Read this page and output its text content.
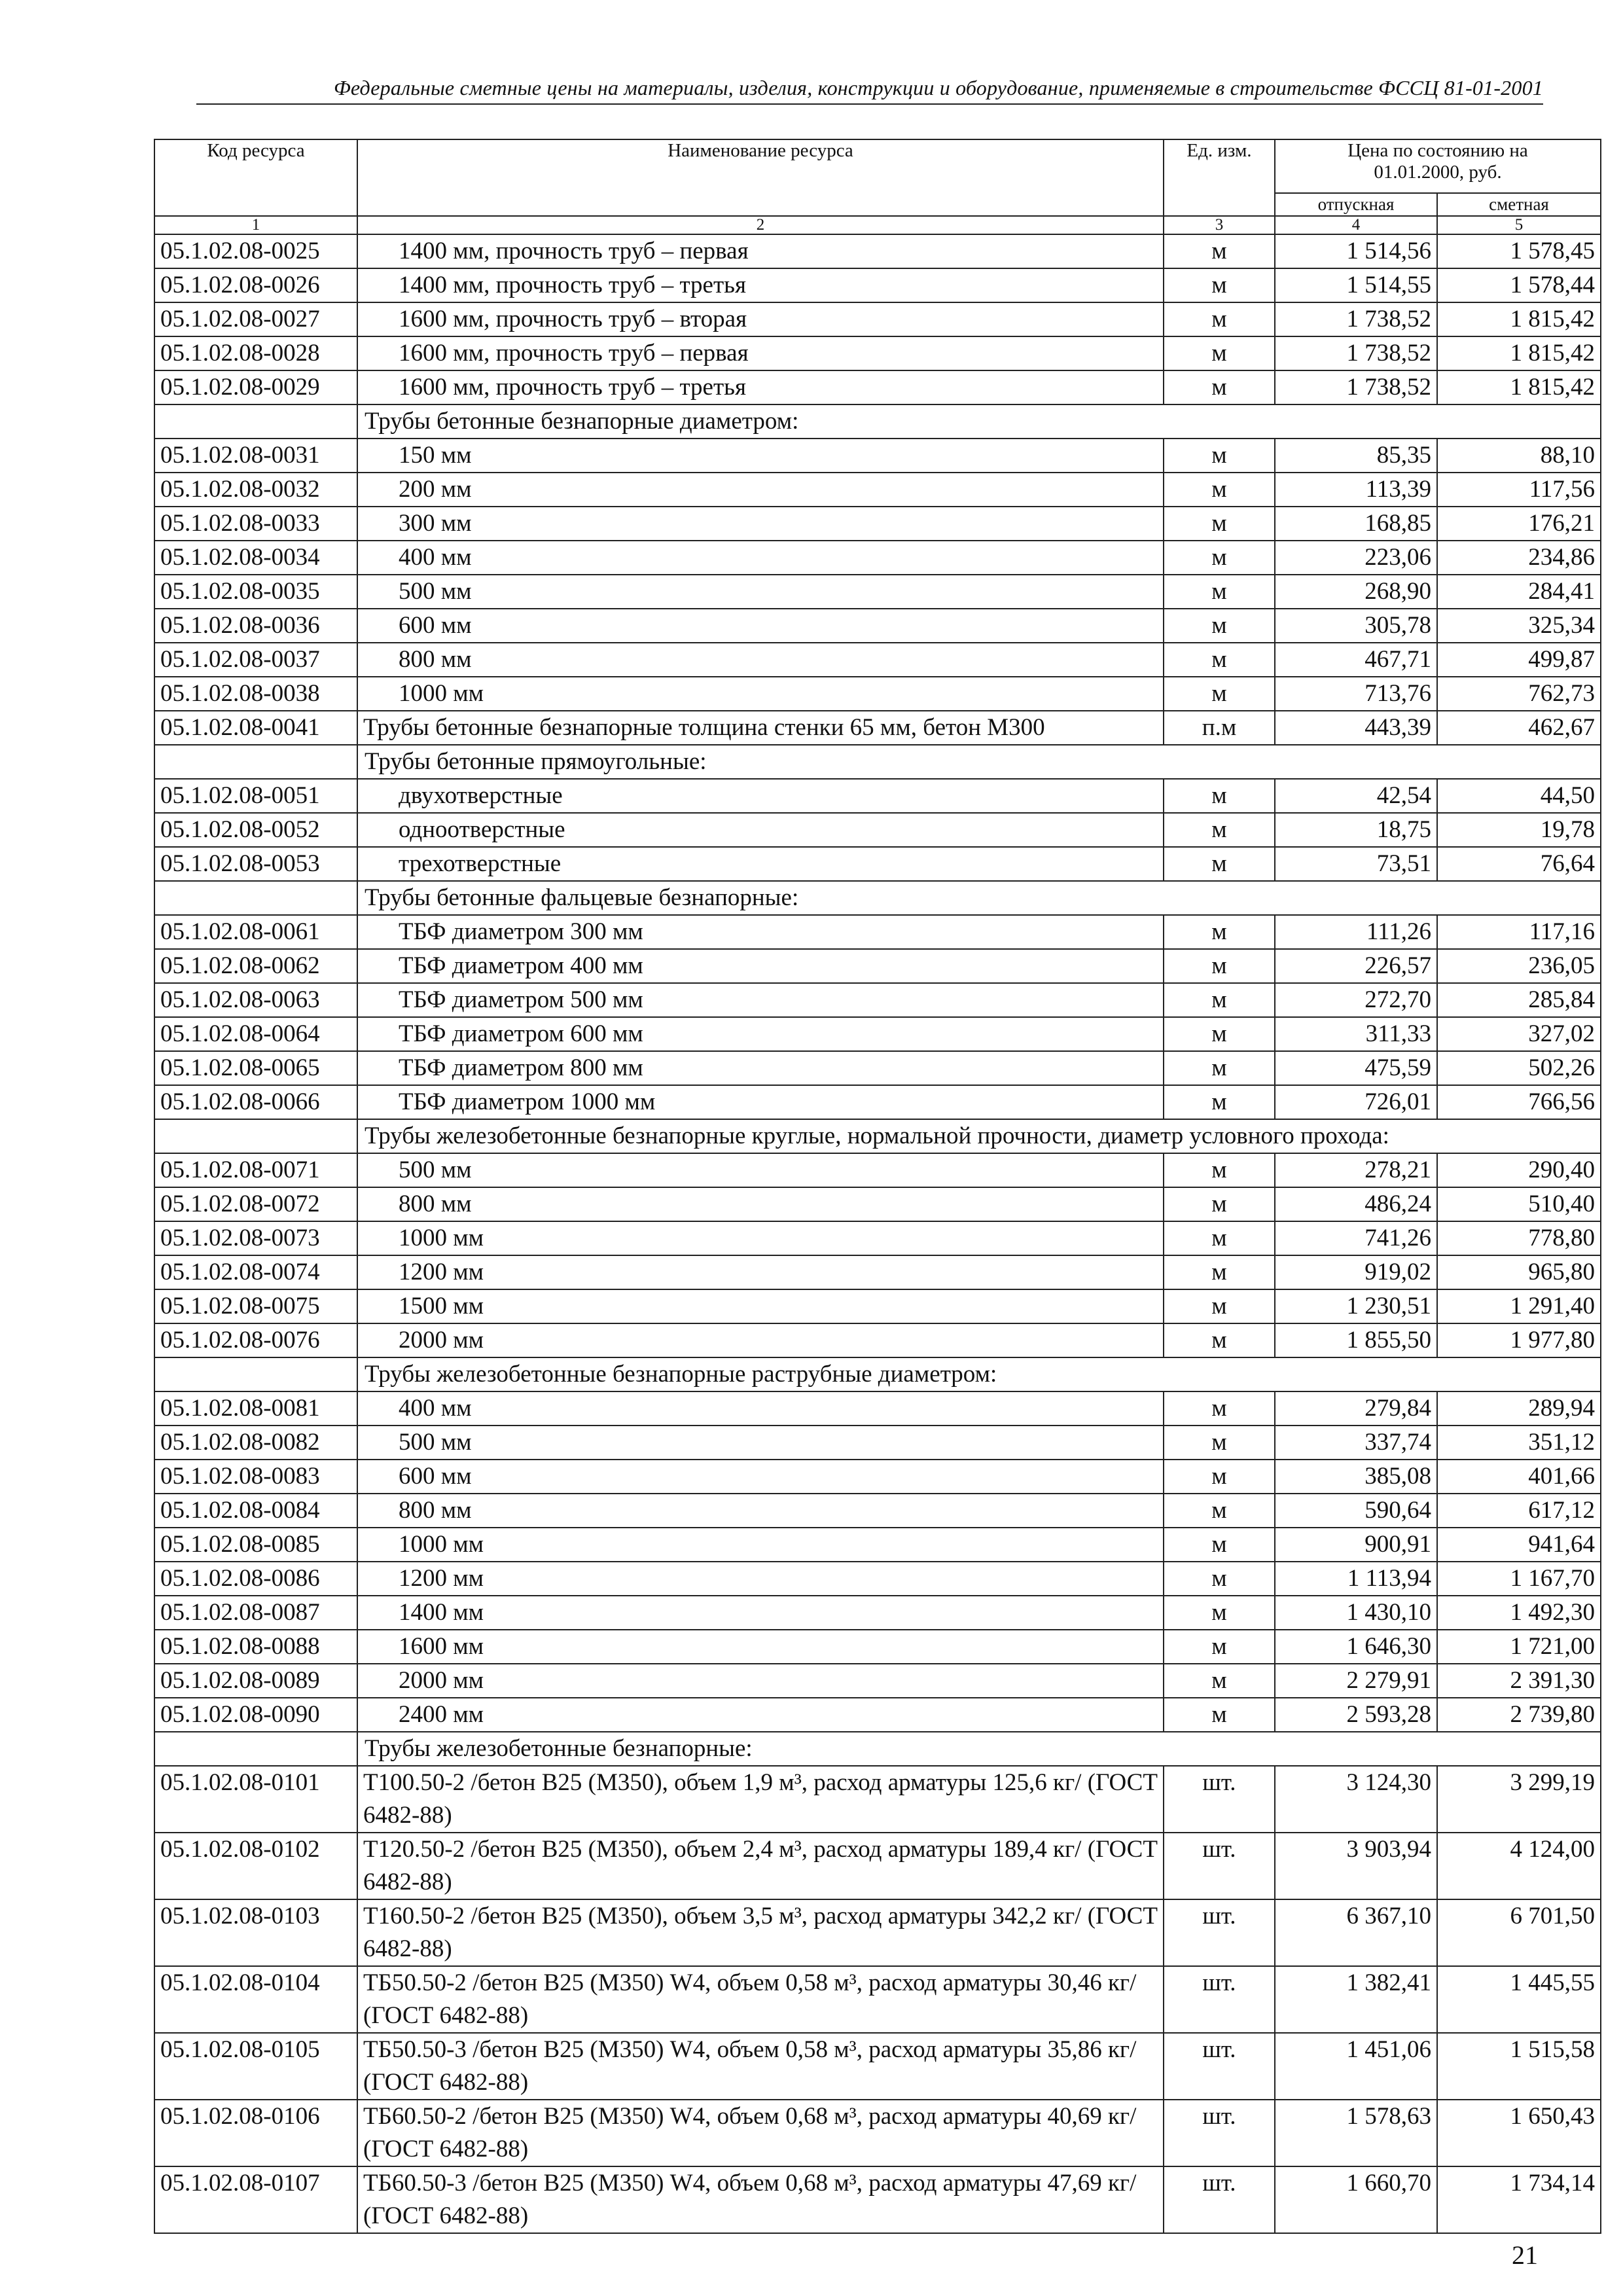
Федеральные сметные цены на материалы, изделия, конструкции и оборудование, применяемые в строительстве ФССЦ 81-01-2001
Код ресурса	Наименование ресурса	Ед. изм.	Цена по состоянию на 01.01.2000, руб.	
			отпускная	сметная
1	2	3	4	5
05.1.02.08-0025	1400 мм, прочность труб – первая	м	1 514,56	1 578,45
05.1.02.08-0026	1400 мм, прочность труб – третья	м	1 514,55	1 578,44
05.1.02.08-0027	1600 мм, прочность труб – вторая	м	1 738,52	1 815,42
05.1.02.08-0028	1600 мм, прочность труб – первая	м	1 738,52	1 815,42
05.1.02.08-0029	1600 мм, прочность труб – третья	м	1 738,52	1 815,42
	Трубы бетонные безнапорные диаметром:			
05.1.02.08-0031	150 мм	м	85,35	88,10
05.1.02.08-0032	200 мм	м	113,39	117,56
05.1.02.08-0033	300 мм	м	168,85	176,21
05.1.02.08-0034	400 мм	м	223,06	234,86
05.1.02.08-0035	500 мм	м	268,90	284,41
05.1.02.08-0036	600 мм	м	305,78	325,34
05.1.02.08-0037	800 мм	м	467,71	499,87
05.1.02.08-0038	1000 мм	м	713,76	762,73
05.1.02.08-0041	Трубы бетонные безнапорные толщина стенки 65 мм, бетон М300	п.м	443,39	462,67
	Трубы бетонные прямоугольные:			
05.1.02.08-0051	двухотверстные	м	42,54	44,50
05.1.02.08-0052	одноотверстные	м	18,75	19,78
05.1.02.08-0053	трехотверстные	м	73,51	76,64
	Трубы бетонные фальцевые безнапорные:			
05.1.02.08-0061	ТБФ диаметром 300 мм	м	111,26	117,16
05.1.02.08-0062	ТБФ диаметром 400 мм	м	226,57	236,05
05.1.02.08-0063	ТБФ диаметром 500 мм	м	272,70	285,84
05.1.02.08-0064	ТБФ диаметром 600 мм	м	311,33	327,02
05.1.02.08-0065	ТБФ диаметром 800 мм	м	475,59	502,26
05.1.02.08-0066	ТБФ диаметром 1000 мм	м	726,01	766,56
	Трубы железобетонные безнапорные круглые, нормальной прочности, диаметр условного прохода:			
05.1.02.08-0071	500 мм	м	278,21	290,40
05.1.02.08-0072	800 мм	м	486,24	510,40
05.1.02.08-0073	1000 мм	м	741,26	778,80
05.1.02.08-0074	1200 мм	м	919,02	965,80
05.1.02.08-0075	1500 мм	м	1 230,51	1 291,40
05.1.02.08-0076	2000 мм	м	1 855,50	1 977,80
	Трубы железобетонные безнапорные раструбные диаметром:			
05.1.02.08-0081	400 мм	м	279,84	289,94
05.1.02.08-0082	500 мм	м	337,74	351,12
05.1.02.08-0083	600 мм	м	385,08	401,66
05.1.02.08-0084	800 мм	м	590,64	617,12
05.1.02.08-0085	1000 мм	м	900,91	941,64
05.1.02.08-0086	1200 мм	м	1 113,94	1 167,70
05.1.02.08-0087	1400 мм	м	1 430,10	1 492,30
05.1.02.08-0088	1600 мм	м	1 646,30	1 721,00
05.1.02.08-0089	2000 мм	м	2 279,91	2 391,30
05.1.02.08-0090	2400 мм	м	2 593,28	2 739,80
	Трубы железобетонные безнапорные:			
05.1.02.08-0101	Т100.50-2 /бетон В25 (М350), объем 1,9 м³, расход арматуры 125,6 кг/ (ГОСТ 6482-88)	шт.	3 124,30	3 299,19
05.1.02.08-0102	Т120.50-2 /бетон В25 (М350), объем 2,4 м³, расход арматуры 189,4 кг/ (ГОСТ 6482-88)	шт.	3 903,94	4 124,00
05.1.02.08-0103	Т160.50-2 /бетон В25 (М350), объем 3,5 м³, расход арматуры 342,2 кг/ (ГОСТ 6482-88)	шт.	6 367,10	6 701,50
05.1.02.08-0104	ТБ50.50-2 /бетон В25 (М350) W4, объем 0,58 м³, расход арматуры 30,46 кг/ (ГОСТ 6482-88)	шт.	1 382,41	1 445,55
05.1.02.08-0105	ТБ50.50-3 /бетон В25 (М350) W4, объем 0,58 м³, расход арматуры 35,86 кг/ (ГОСТ 6482-88)	шт.	1 451,06	1 515,58
05.1.02.08-0106	ТБ60.50-2 /бетон В25 (М350) W4, объем 0,68 м³, расход арматуры 40,69 кг/ (ГОСТ 6482-88)	шт.	1 578,63	1 650,43
05.1.02.08-0107	ТБ60.50-3 /бетон В25 (М350) W4, объем 0,68 м³, расход арматуры 47,69 кг/ (ГОСТ 6482-88)	шт.	1 660,70	1 734,14
21
